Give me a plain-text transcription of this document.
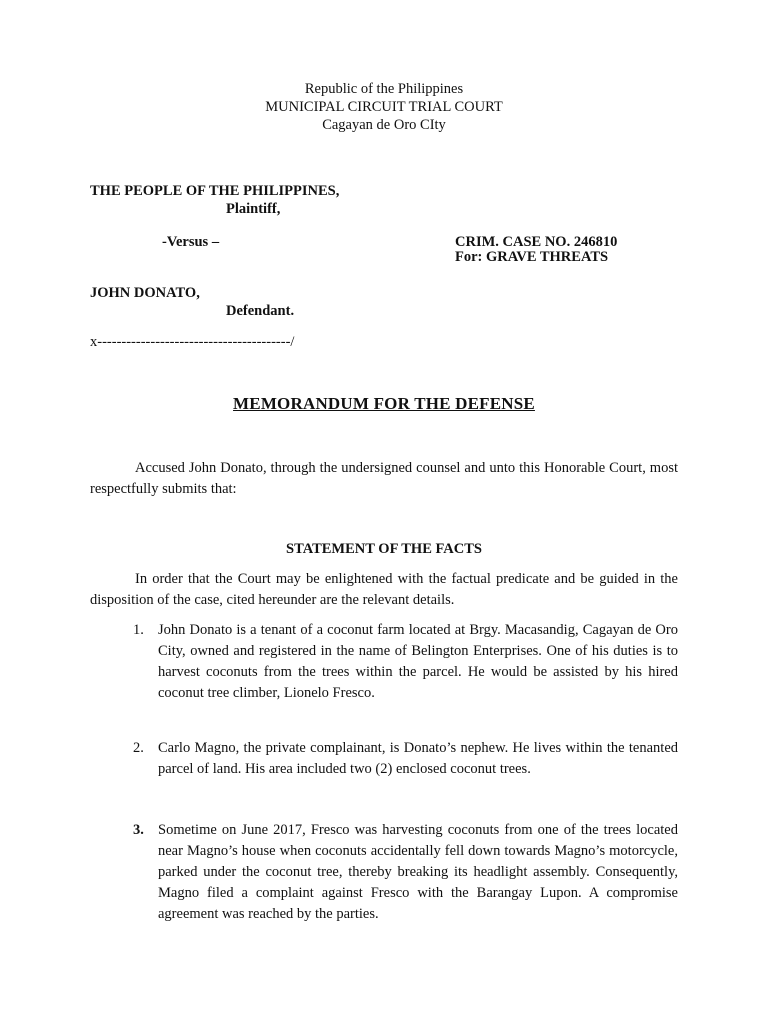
Republic of the Philippines
MUNICIPAL CIRCUIT TRIAL COURT
Cagayan de Oro CIty
THE PEOPLE OF THE PHILIPPINES,
Plaintiff,
-Versus –	CRIM. CASE NO. 246810
For: GRAVE THREATS
JOHN DONATO,
Defendant.
x----------------------------------------/
MEMORANDUM FOR THE DEFENSE

Accused John Donato, through the undersigned counsel and unto this Honorable Court, most respectfully submits that:

STATEMENT OF THE FACTS

In order that the Court may be enlightened with the factual predicate and be guided in the disposition of the case, cited hereunder are the relevant details.

1. John Donato is a tenant of a coconut farm located at Brgy. Macasandig, Cagayan de Oro City, owned and registered in the name of Belington Enterprises. One of his duties is to harvest coconuts from the trees within the parcel. He would be assisted by his hired coconut tree climber, Lionelo Fresco.
2. Carlo Magno, the private complainant, is Donato’s nephew. He lives within the tenanted parcel of land. His area included two (2) enclosed coconut trees.
3. Sometime on June 2017, Fresco was harvesting coconuts from one of the trees located near Magno’s house when coconuts accidentally fell down towards Magno’s motorcycle, parked under the coconut tree, thereby breaking its headlight assembly. Consequently, Magno filed a complaint against Fresco with the Barangay Lupon. A compromise agreement was reached by the parties.
